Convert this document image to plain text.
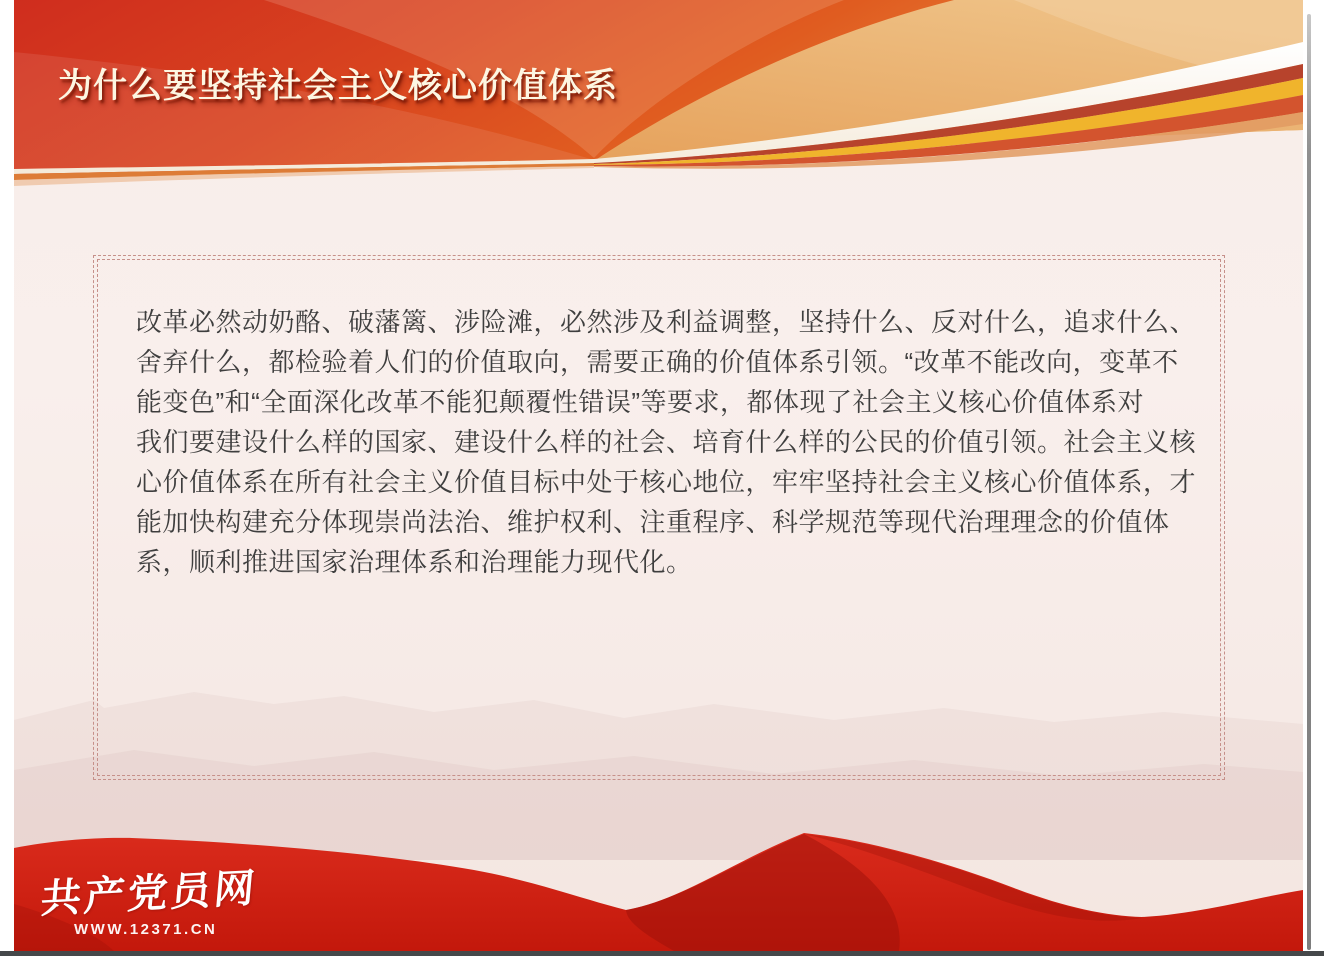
为什么要坚持社会主义核心价值体系
改革必然动奶酪、破藩篱、涉险滩，必然涉及利益调整，坚持什么、反对什么，追求什么、
舍弃什么，都检验着人们的价值取向，需要正确的价值体系引领。“改革不能改向，变革不
能变色”和“全面深化改革不能犯颠覆性错误”等要求，都体现了社会主义核心价值体系对
我们要建设什么样的国家、建设什么样的社会、培育什么样的公民的价值引领。社会主义核
心价值体系在所有社会主义价值目标中处于核心地位，牢牢坚持社会主义核心价值体系，才
能加快构建充分体现崇尚法治、维护权利、注重程序、科学规范等现代治理理念的价值体
系，顺利推进国家治理体系和治理能力现代化。
共产党员网
WWW.12371.CN
